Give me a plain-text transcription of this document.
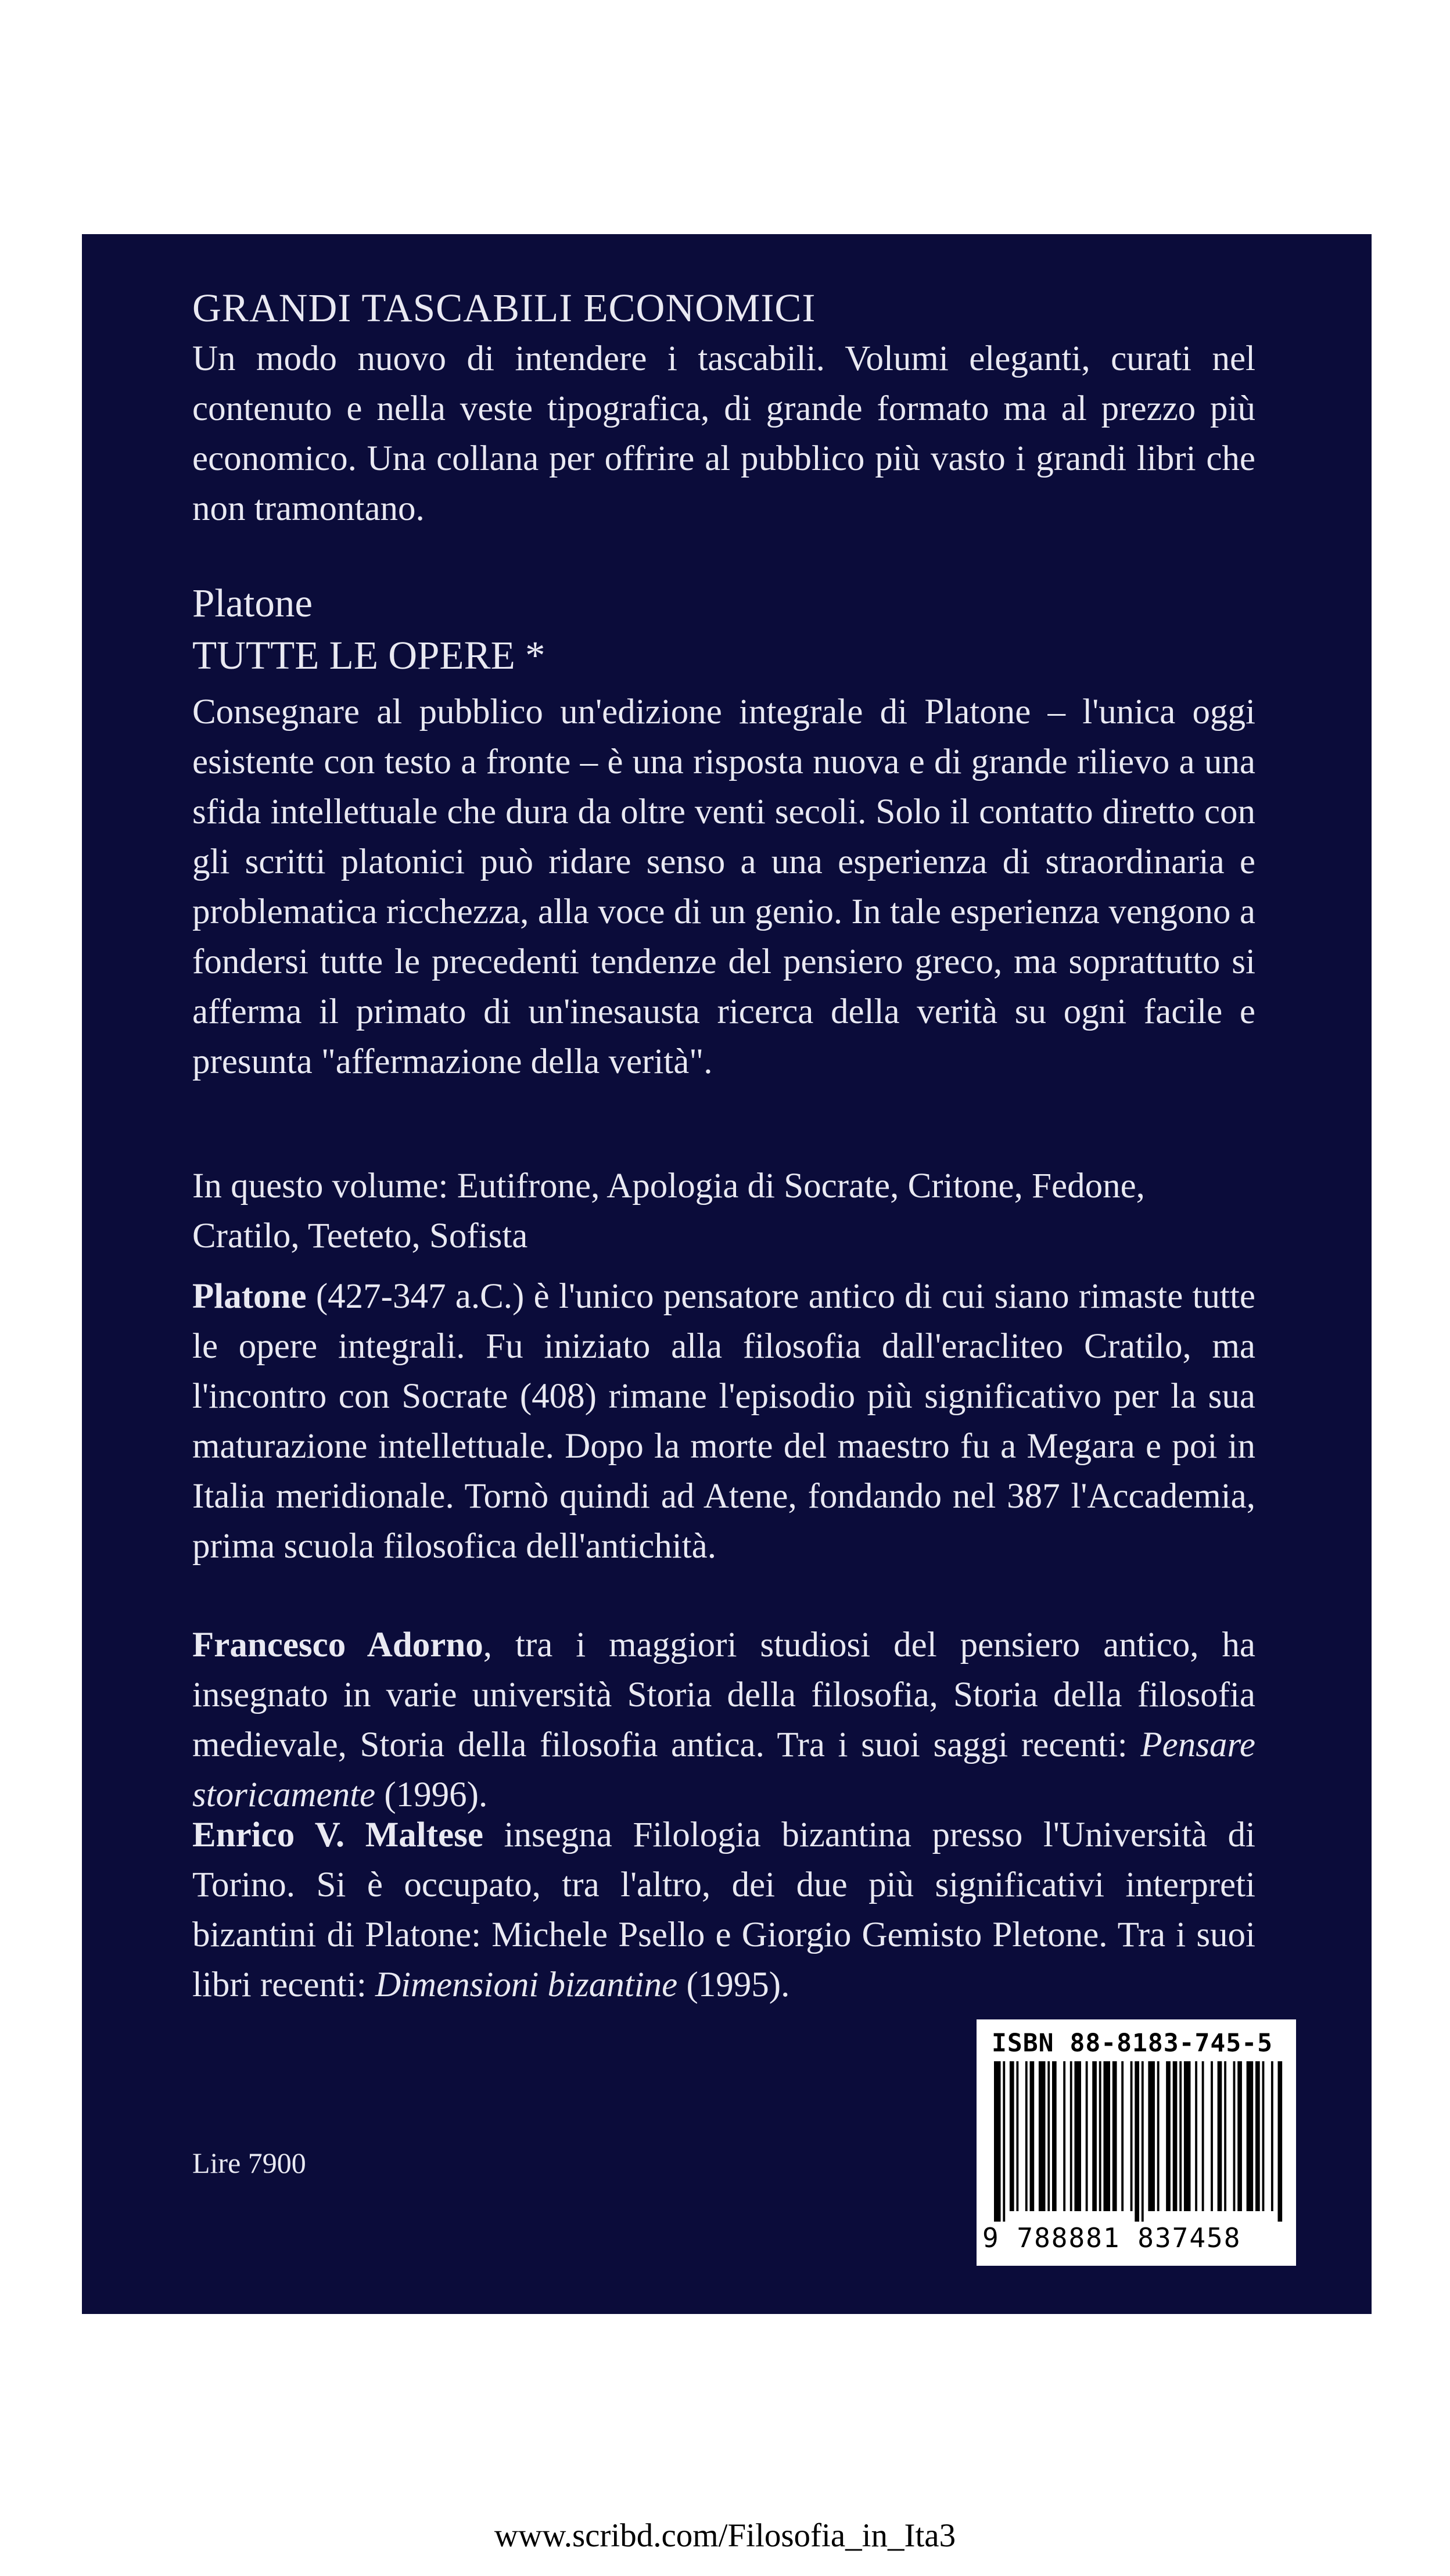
GRANDI TASCABILI ECONOMICI

Un modo nuovo di intendere i tascabili. Volumi eleganti, curati nel contenuto e nella veste tipografica, di grande formato ma al prezzo più economico. Una collana per offrire al pubblico più vasto i grandi libri che non tramontano.

Platone
TUTTE LE OPERE *

Consegnare al pubblico un'edizione integrale di Platone – l'unica oggi esistente con testo a fronte – è una risposta nuova e di grande rilievo a una sfida intellettuale che dura da oltre venti secoli. Solo il contatto diretto con gli scritti platonici può ridare senso a una esperienza di straordinaria e problematica ricchezza, alla voce di un genio. In tale esperienza vengono a fondersi tutte le precedenti tendenze del pensiero greco, ma soprattutto si afferma il primato di un'inesausta ricerca della verità su ogni facile e presunta "affermazione della verità".

In questo volume: Eutifrone, Apologia di Socrate, Critone, Fedone, Cratilo, Teeteto, Sofista

Platone (427-347 a.C.) è l'unico pensatore antico di cui siano rimaste tutte le opere integrali. Fu iniziato alla filosofia dall'eracliteo Cratilo, ma l'incontro con Socrate (408) rimane l'episodio più significativo per la sua maturazione intellettuale. Dopo la morte del maestro fu a Megara e poi in Italia meridionale. Tornò quindi ad Atene, fondando nel 387 l'Accademia, prima scuola filosofica dell'antichità.

Francesco Adorno, tra i maggiori studiosi del pensiero antico, ha insegnato in varie università Storia della filosofia, Storia della filosofia medievale, Storia della filosofia antica. Tra i suoi saggi recenti: Pensare storicamente (1996).

Enrico V. Maltese insegna Filologia bizantina presso l'Università di Torino. Si è occupato, tra l'altro, dei due più significativi interpreti bizantini di Platone: Michele Psello e Giorgio Gemisto Pletone. Tra i suoi libri recenti: Dimensioni bizantine (1995).

Lire 7900
ISBN 88-8183-745-5
9 788881 837458
www.scribd.com/Filosofia_in_Ita3
